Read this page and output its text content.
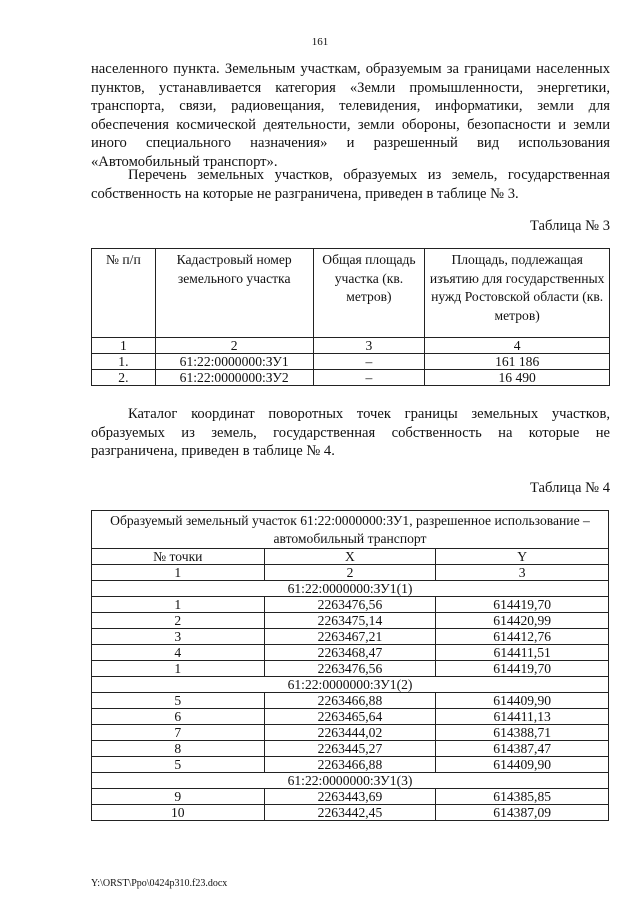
161

населенного пункта. Земельным участкам, образуемым за границами населенных пунктов, устанавливается категория «Земли промышленности, энергетики, транспорта, связи, радиовещания, телевидения, информатики, земли для обеспечения космической деятельности, земли обороны, безопасности и земли иного специального назначения» и разрешенный вид использования «Автомобильный транспорт».

Перечень земельных участков, образуемых из земель, государственная собственность на которые не разграничена, приведен в таблице № 3.

Таблица № 3
№ п/п	Кадастровый номер земельного участка	Общая площадь участка (кв. метров)	Площадь, подлежащая изъятию для государственных нужд Ростовской области (кв. метров)
1	2	3	4
1.	61:22:0000000:ЗУ1	–	161 186
2.	61:22:0000000:ЗУ2	–	16 490

Каталог координат поворотных точек границы земельных участков, образуемых из земель, государственная собственность на которые не разграничена, приведен в таблице № 4.

Таблица № 4
Образуемый земельный участок 61:22:0000000:ЗУ1, разрешенное использование – автомобильный транспорт		
№ точки	X	Y
1	2	3
61:22:0000000:ЗУ1(1)		
1	2263476,56	614419,70
2	2263475,14	614420,99
3	2263467,21	614412,76
4	2263468,47	614411,51
1	2263476,56	614419,70
61:22:0000000:ЗУ1(2)		
5	2263466,88	614409,90
6	2263465,64	614411,13
7	2263444,02	614388,71
8	2263445,27	614387,47
5	2263466,88	614409,90
61:22:0000000:ЗУ1(3)		
9	2263443,69	614385,85
10	2263442,45	614387,09
Y:\ORST\Ppo\0424p310.f23.docx
